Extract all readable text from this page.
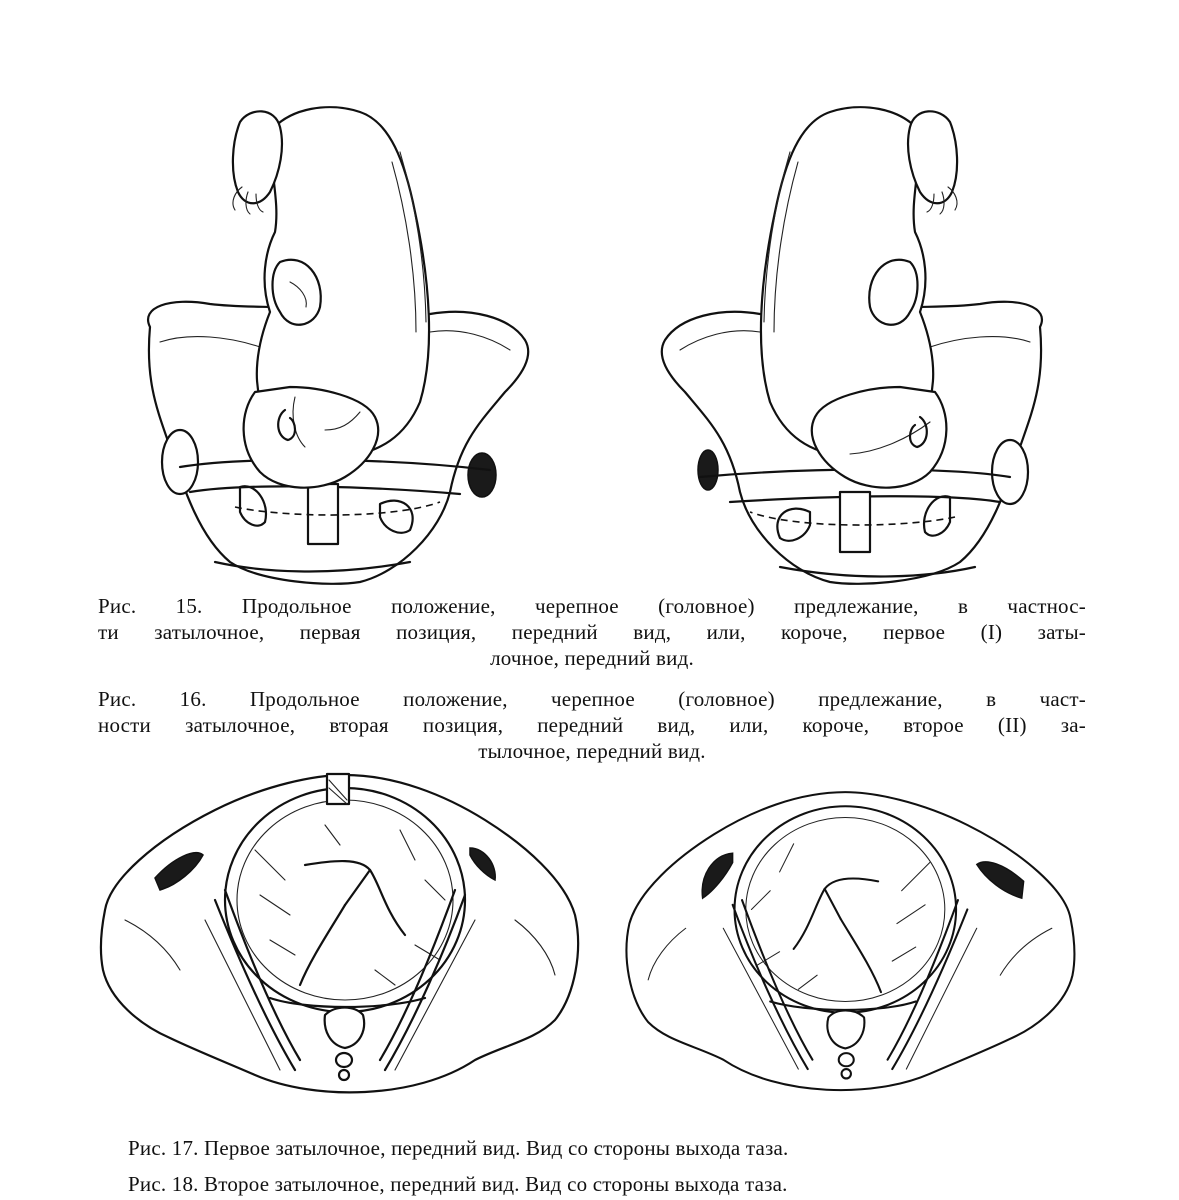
Рис. 15. Продольное положение, черепное (головное) предлежание, в частнос-
ти затылочное, первая позиция, передний вид, или, короче, первое (I) заты-
лочное, передний вид.
Рис. 16. Продольное положение, черепное (головное) предлежание, в част-
ности затылочное, вторая позиция, передний вид, или, короче, второе (II) за-
тылочное, передний вид.
Рис. 17. Первое затылочное, передний вид. Вид со стороны выхода таза.
Рис. 18. Второе затылочное, передний вид. Вид со стороны выхода таза.
